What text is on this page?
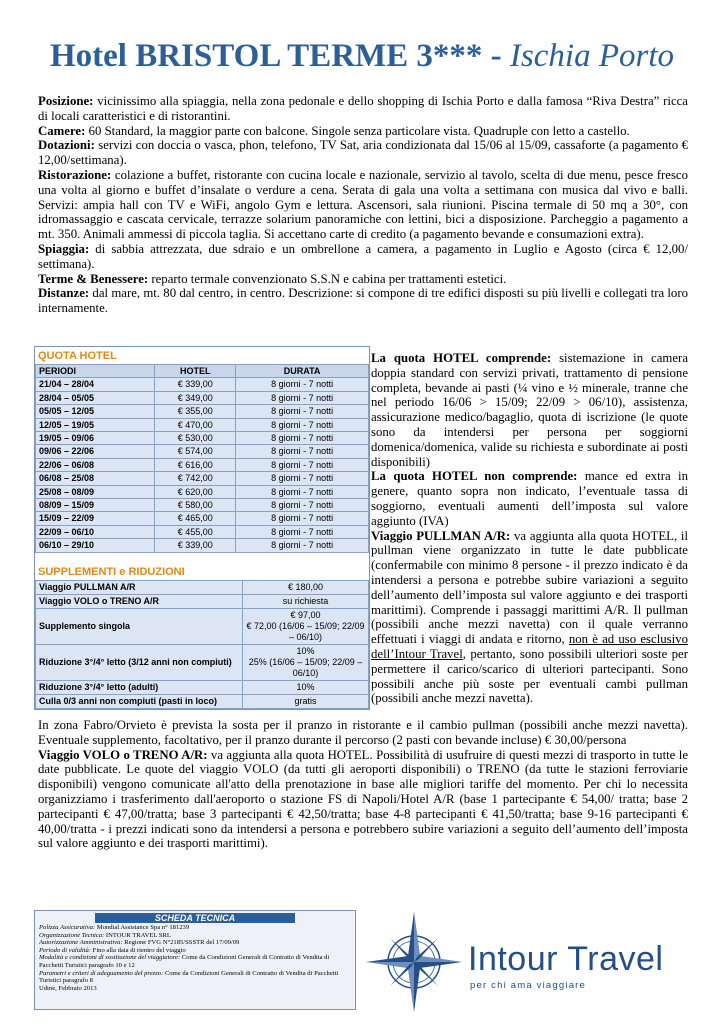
Hotel BRISTOL TERME 3*** - Ischia Porto

Posizione: vicinissimo alla spiaggia, nella zona pedonale e dello shopping di Ischia Porto e dalla famosa “Riva Destra” ricca di locali caratteristici e di ristorantini.

Camere: 60 Standard, la maggior parte con balcone. Singole senza particolare vista. Quadruple con letto a castello.

Dotazioni: servizi con doccia o vasca, phon, telefono, TV Sat, aria condizionata dal 15/06 al 15/09, cassaforte (a pagamento € 12,00/settimana).

Ristorazione: colazione a buffet, ristorante con cucina locale e nazionale, servizio al tavolo, scelta di due menu, pesce fresco una volta al giorno e buffet d’insalate o verdure a cena. Serata di gala una volta a settimana con musica dal vivo e balli. Servizi: ampia hall con TV e WiFi, angolo Gym e lettura. Ascensori, sala riunioni. Piscina termale di 50 mq a 30°, con idromassaggio e cascata cervicale, terrazze solarium panoramiche con lettini, bici a disposizione. Parcheggio a pagamento a mt. 350. Animali ammessi di piccola taglia. Si accettano carte di credito (a pagamento bevande e consumazioni extra).

Spiaggia: di sabbia attrezzata, due sdraio e un ombrellone a camera, a pagamento in Luglio e Agosto (circa € 12,00/ settimana).

Terme & Benessere: reparto termale convenzionato S.S.N e cabina per trattamenti estetici.

Distanze: dal mare, mt. 80 dal centro, in centro. Descrizione: si compone di tre edifici disposti su più livelli e collegati tra loro internamente.

QUOTA HOTEL
PERIODI	HOTEL	DURATA
21/04 – 28/04	€ 339,00	8 giorni - 7 notti
28/04 – 05/05	€ 349,00	8 giorni - 7 notti
05/05 – 12/05	€ 355,00	8 giorni - 7 notti
12/05 – 19/05	€ 470,00	8 giorni - 7 notti
19/05 – 09/06	€ 530,00	8 giorni - 7 notti
09/06 – 22/06	€ 574,00	8 giorni - 7 notti
22/06 – 06/08	€ 616,00	8 giorni - 7 notti
06/08 – 25/08	€ 742,00	8 giorni - 7 notti
25/08 – 08/09	€ 620,00	8 giorni - 7 notti
08/09 – 15/09	€ 580,00	8 giorni - 7 notti
15/09 – 22/09	€ 465,00	8 giorni - 7 notti
22/09 – 06/10	€ 455,00	8 giorni - 7 notti
06/10 – 29/10	€ 339,00	8 giorni - 7 notti
SUPPLEMENTI e RIDUZIONI
Viaggio PULLMAN A/R	€ 180,00
Viaggio VOLO o TRENO A/R	su richiesta
Supplemento singola	€ 97,00
€ 72,00 (16/06 – 15/09; 22/09 – 06/10)
Riduzione 3°/4° letto (3/12 anni non compiuti)	10%
25% (16/06 – 15/09; 22/09 – 06/10)
Riduzione 3°/4° letto (adulti)	10%
Culla 0/3 anni non compiuti (pasti in loco)	gratis

La quota HOTEL comprende: sistemazione in camera doppia standard con servizi privati, trattamento di pensione completa, bevande ai pasti (¼ vino e ½ minerale, tranne che nel periodo 16/06 > 15/09; 22/09 > 06/10), assistenza, assicurazione medico/bagaglio, quota di iscrizione (le quote sono da intendersi per persona per soggiorni domenica/domenica, valide su richiesta e subordinate ai posti disponibili)

La quota HOTEL non comprende: mance ed extra in genere, quanto sopra non indicato, l’eventuale tassa di soggiorno, eventuali aumenti dell’imposta sul valore aggiunto (IVA)

Viaggio PULLMAN A/R: va aggiunta alla quota HOTEL, il pullman viene organizzato in tutte le date pubblicate (confermabile con minimo 8 persone - il prezzo indicato è da intendersi a persona e potrebbe subire variazioni a seguito dell’aumento dell’imposta sul valore aggiunto e dei trasporti marittimi). Comprende i passaggi marittimi A/R. Il pullman (possibili anche mezzi navetta) con il quale verranno effettuati i viaggi di andata e ritorno, non è ad uso esclusivo dell’Intour Travel, pertanto, sono possibili ulteriori soste per permettere il carico/scarico di ulteriori partecipanti. Sono possibili anche più soste per eventuali cambi pullman (possibili anche mezzi navetta).

In zona Fabro/Orvieto è prevista la sosta per il pranzo in ristorante e il cambio pullman (possibili anche mezzi navetta). Eventuale supplemento, facoltativo, per il pranzo durante il percorso (2 pasti con bevande incluse) € 30,00/persona

Viaggio VOLO o TRENO A/R: va aggiunta alla quota HOTEL. Possibilità di usufruire di questi mezzi di trasporto in tutte le date pubblicate. Le quote del viaggio VOLO (da tutti gli aeroporti disponibili) o TRENO (da tutte le stazioni ferroviarie disponibili) vengono comunicate all'atto della prenotazione in base alle migliori tariffe del momento. Per chi lo necessita organizziamo i trasferimento dall'aeroporto o stazione FS di Napoli/Hotel A/R (base 1 partecipante € 54,00/ tratta; base 2 partecipanti € 47,00/tratta; base 3 partecipanti € 42,50/tratta; base 4-8 partecipanti € 41,50/tratta; base 9-16 partecipanti € 40,00/tratta - i prezzi indicati sono da intendersi a persona e potrebbero subire variazioni a seguito dell’aumento dell’imposta sul valore aggiunto e dei trasporti marittimi).

SCHEDA TECNICA

Polizza Assicurativa: Mondial Assistance Spa n° 181239

Organizzazione Tecnica: INTOUR TRAVEL SRL

Autorizzazione Amministrativa: Regione FVG N°2185/SSSTR del 17/09/09

Periodo di validità: Fino alla data di rientro del viaggio

Modalità e condizioni di sostituzione del viaggiatore: Come da Condizioni Generali di Contratto di Vendita di Pacchetti Turistici paragrafo 10 e 12

Parametri e criteri di adeguamento del prezzo: Come da Condizioni Generali di Contratto di Vendita di Pacchetti Turistici paragrafo 8

Udine, Febbraio 2013

Intour Travel
per chi ama viaggiare
